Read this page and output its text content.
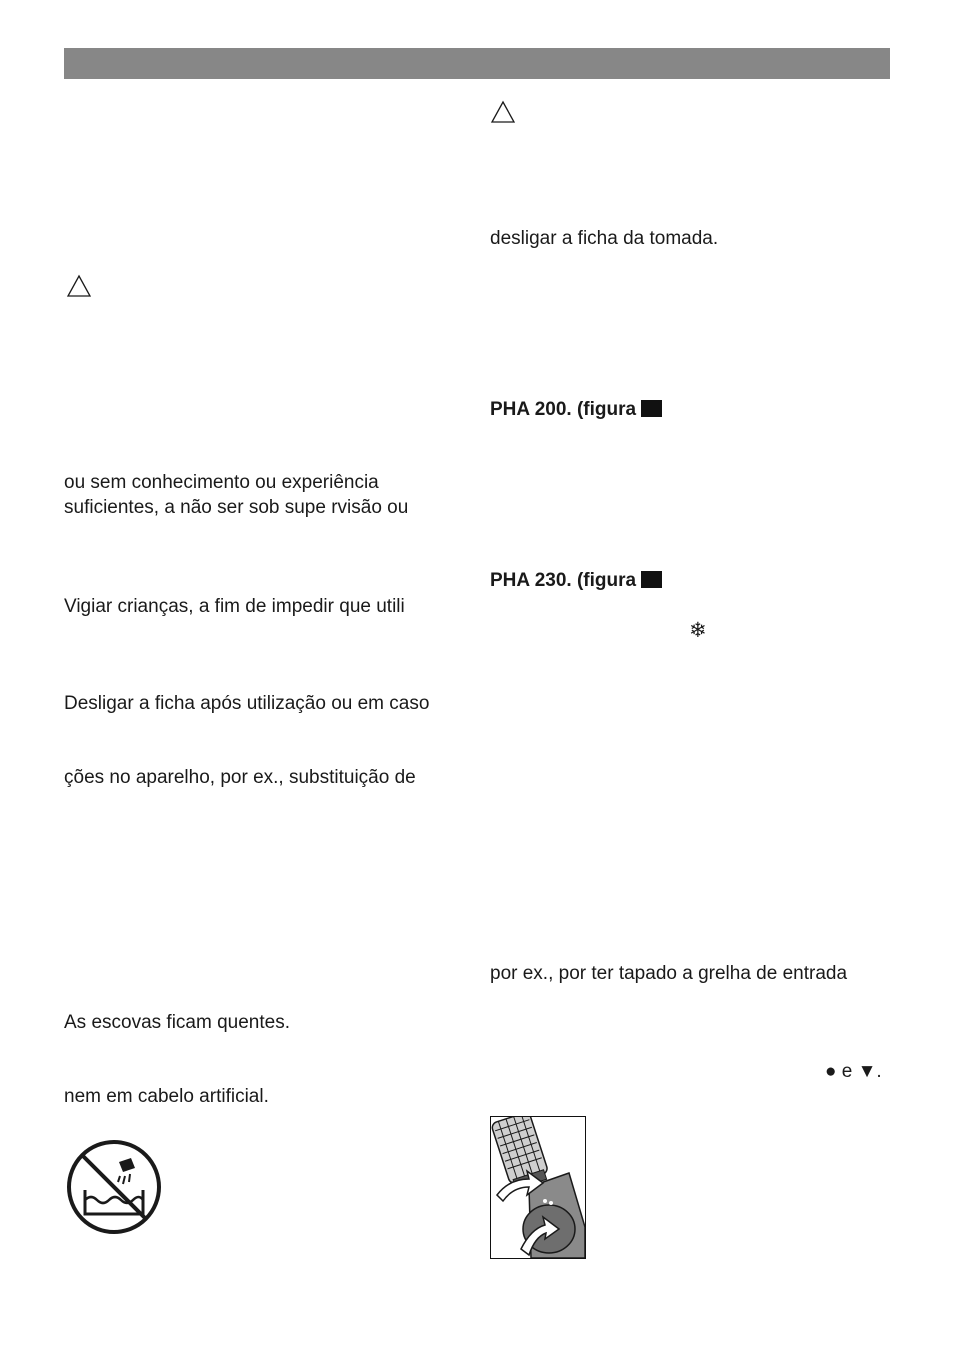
ou sem conhecimento ou experiência
suficientes, a não ser sob supe rvisão ou
Vigiar crianças, a fim de impedir que utili
Desligar a ficha após utilização ou em caso
ções no aparelho, por ex., substituição de
As escovas ficam quentes.
nem em cabelo artificial.
desligar a ficha da tomada.
PHA 200. (figura
PHA 230. (figura
❄
por ex., por ter tapado a grelha de entrada
● e ▼.
